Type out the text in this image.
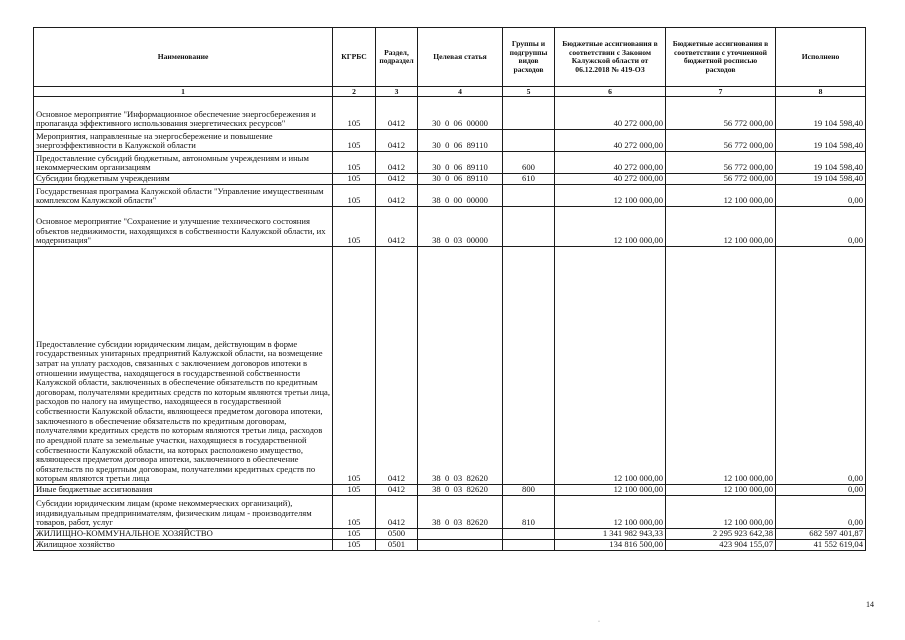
Наименование	КГРБС	Раздел, подраздел	Целевая статья	Группы и подгруппы видов расходов	Бюджетные ассигнования в соответствии с Законом Калужской области от 06.12.2018 № 419-ОЗ	Бюджетные ассигнования в соответствии с уточненной бюджетной росписью расходов	Исполнено
1	2	3	4	5	6	7	8
Основное мероприятие "Информационное обеспечение энергосбережения и пропаганда эффективного использования энергетических ресурсов"	105	0412	30  0  06  00000		40 272 000,00	56 772 000,00	19 104 598,40
Мероприятия, направленные на энергосбережение и повышение энергоэффективности в Калужской области	105	0412	30  0  06  89110		40 272 000,00	56 772 000,00	19 104 598,40
Предоставление субсидий бюджетным, автономным учреждениям и иным некоммерческим организациям	105	0412	30  0  06  89110	600	40 272 000,00	56 772 000,00	19 104 598,40
Субсидии бюджетным учреждениям	105	0412	30  0  06  89110	610	40 272 000,00	56 772 000,00	19 104 598,40
Государственная программа Калужской области "Управление имущественным комплексом Калужской области"	105	0412	38  0  00  00000		12 100 000,00	12 100 000,00	0,00
Основное мероприятие "Сохранение и улучшение технического состояния объектов недвижимости, находящихся в собственности Калужской области, их модернизация"	105	0412	38  0  03  00000		12 100 000,00	12 100 000,00	0,00
Предоставление субсидии юридическим лицам, действующим в форме государственных унитарных предприятий Калужской области, на возмещение затрат на уплату расходов, связанных с заключением договоров ипотеки в отношении имущества, находящегося в государственной собственности Калужской области, заключенных в обеспечение обязательств по кредитным договорам, получателями кредитных средств по которым являются третьи лица, расходов по налогу на имущество, находящееся в государственной собственности Калужской области, являющееся предметом договора ипотеки, заключенного в обеспечение обязательств по кредитным договорам, получателями кредитных средств по которым являются третьи лица, расходов по арендной плате за земельные участки, находящиеся в государственной собственности Калужской области, на которых расположено имущество, являющееся предметом договора ипотеки, заключенного в обеспечение обязательств по кредитным договорам, получателями кредитных средств по которым являются третьи лица	105	0412	38  0  03  82620		12 100 000,00	12 100 000,00	0,00
Иные бюджетные ассигнования	105	0412	38  0  03  82620	800	12 100 000,00	12 100 000,00	0,00
Субсидии юридическим лицам (кроме некоммерческих организаций), индивидуальным предпринимателям, физическим лицам - производителям товаров, работ, услуг	105	0412	38  0  03  82620	810	12 100 000,00	12 100 000,00	0,00
ЖИЛИЩНО-КОММУНАЛЬНОЕ ХОЗЯЙСТВО	105	0500			1 341 982 943,33	2 295 923 642,38	682 597 401,87
Жилищное хозяйство	105	0501			134 816 500,00	423 904 155,07	41 552 619,04
14
·
